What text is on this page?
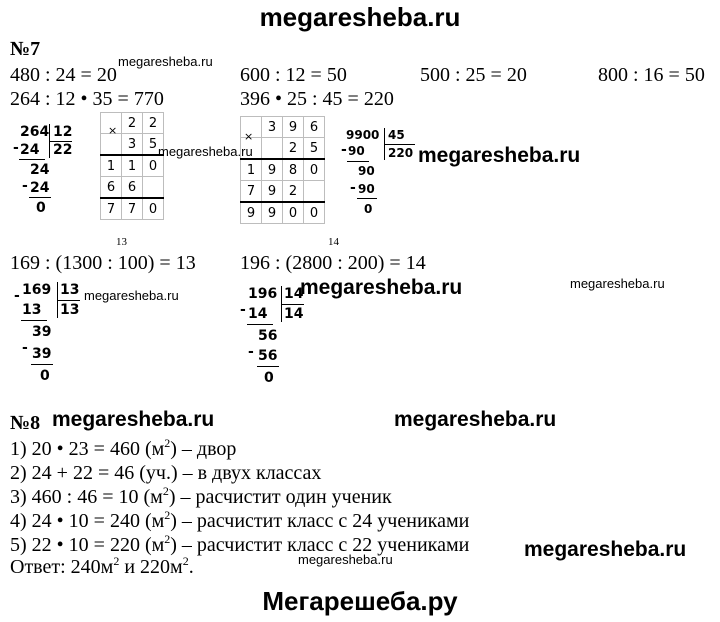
megaresheba.ru
Мегарешеба.ру
№7
megaresheba.ru
480 : 24 = 20	600 : 12 = 50	500 : 25 = 20	800 : 16 = 50
264 : 12 • 35 = 770	396 • 25 : 45 = 220
264 12
22
- 24
24
- 24
0
	2	2
	3	5
1	1	0
6	6	
7	7	0
×
megaresheba.ru
	3	9	6
		2	5
1	9	8	0
7	9	2	
9	9	0	0
×	9900 45
220
- 90
90
- 90
0
megaresheba.ru
13	14
169 : (1300 : 100) = 13 196 : (2800 : 200) = 14
megaresheba.ru
169 13
13
-
13
39
- 39
0
megaresheba.ru	196 14
14
- 14
56
- 56
0
megaresheba.ru
№8 megaresheba.ru	megaresheba.ru
1) 20 • 23 = 460 $(м^2)$ – двор
2) 24 + 22 = 46 (уч.) – в двух классах
3) 460 : 46 = 10 $(м^2)$ – расчистит один ученик
4) 24 • 10 = 240 $(м^2)$ – расчистит класс с 24 учениками
5) 22 • 10 = 220 $(м^2)$ – расчистит класс с 22 учениками
Ответ: $240м^2$ и $220м^2$.	megaresheba.ru	megaresheba.ru
